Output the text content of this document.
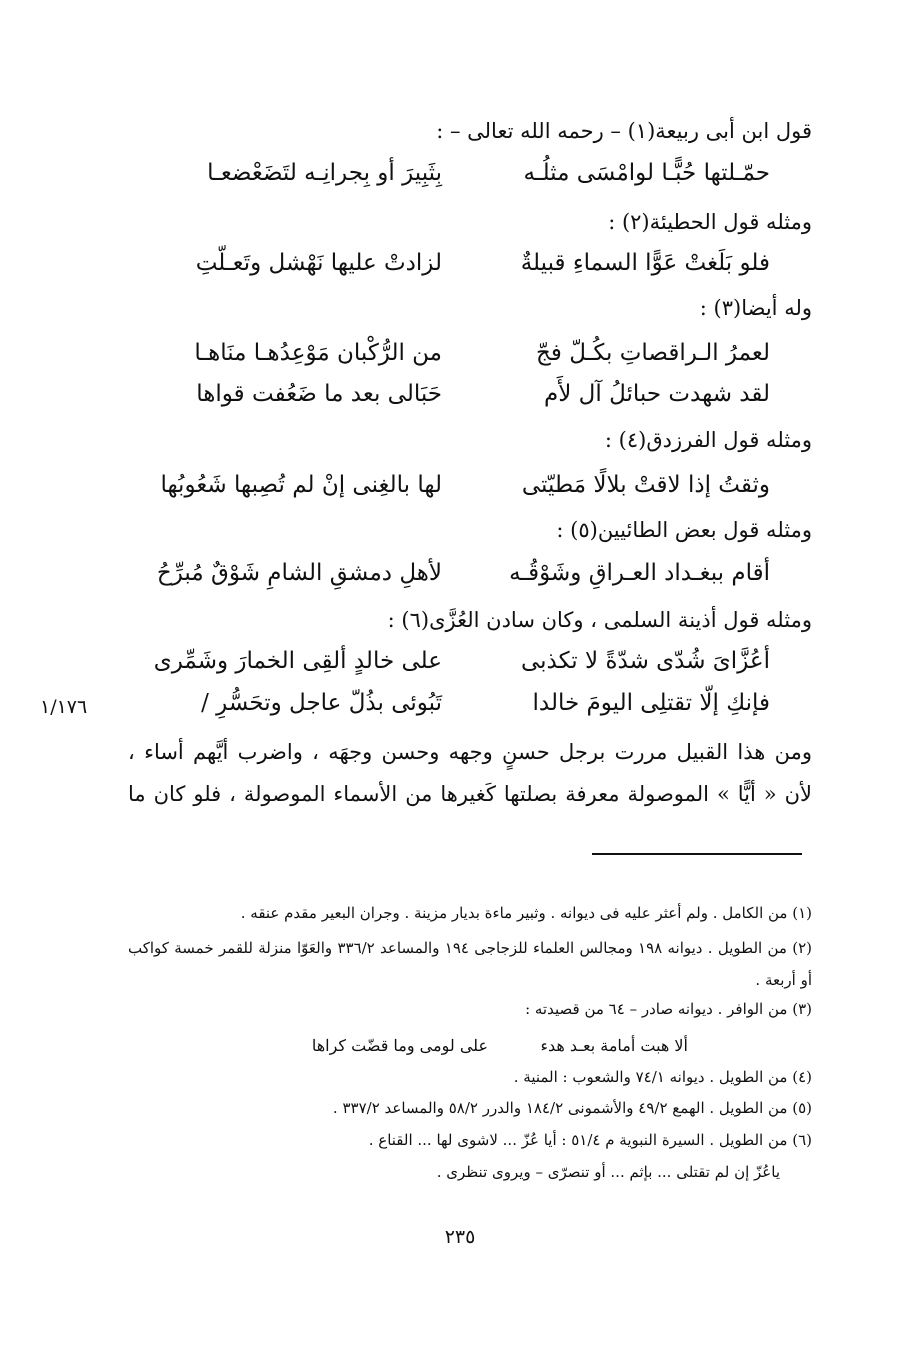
قول ابن أبى ربيعة(١) – رحمه الله تعالى – :
حمّـلتها حُبًّـا لوامْسَى مثلُـه
بِثَبِيرَ أو بِجرانِـه لتَضَعْضعـا
ومثله قول الحطيئة(٢) :
فلو بَلَغتْ عَوًّا السماءِ قبيلةٌ
لزادتْ عليها نَهْشل وتَعـلّتِ
وله أيضا(٣) :
لعمرُ الـراقصاتِ بكُـلّ فجّ
من الرُّكْبان مَوْعِدُهـا منَاهـا
لقد شهدت حبائلُ آل لأَم
حَبَالى بعد ما ضَعُفت قواها
ومثله قول الفرزدق(٤) :
وثقتُ إذا لاقتْ بلالًا مَطيّتى
لها بالغِنى إنْ لم تُصِبها شَعُوبُها
ومثله قول بعض الطائيين(٥) :
أقام ببغـداد العـراقِ وشَوْقُـه
لأهلِ دمشقِ الشامِ شَوْقٌ مُبرِّحُ
ومثله قول أذينة السلمى ، وكان سادن العُزَّى(٦) :
أعُزَّاىَ شُدّى شدّةً لا تكذبى
على خالدٍ ألقِى الخمارَ وشَمِّرى
فإنكِ إلّا تقتلِى اليومَ خالدا
تَبُوئى بذُلّ عاجل وتحَسُّرِ /
١/١٧٦
ومن هذا القبيل مررت برجل حسنٍ وجهه وحسن وجهَه ، واضرب أيَّهم أساء ،
لأن « أيًّا » الموصولة معرفة بصلتها كَغيرها من الأسماء الموصولة ، فلو كان ما
(١) من الكامل . ولم أعثر عليه فى ديوانه . وثبير ماءة بديار مزينة . وجران البعير مقدم عنقه .
(٢) من الطويل . ديوانه ١٩٨ ومجالس العلماء للزجاجى ١٩٤ والمساعد ٣٣٦/٢ والعَوّا منزلة للقمر خمسة كواكب أو أربعة .
(٣) من الوافر . ديوانه صادر – ٦٤ من قصيدته :
ألا هبت أمامة بعـد هدء
على لومى وما قضّت كراها
(٤) من الطويل . ديوانه ٧٤/١ والشعوب : المنية .
(٥) من الطويل . الهمع ٤٩/٢ والأشمونى ١٨٤/٢ والدرر ٥٨/٢ والمساعد ٣٣٧/٢ .
(٦) من الطويل . السيرة النبوية م ٥١/٤ : أيا عُزّ ... لاشوى لها ... القناع .
ياعُزّ إن لم تقتلى ... بإثم ... أو تنصرّى – ويروى تنظرى .
٢٣٥
